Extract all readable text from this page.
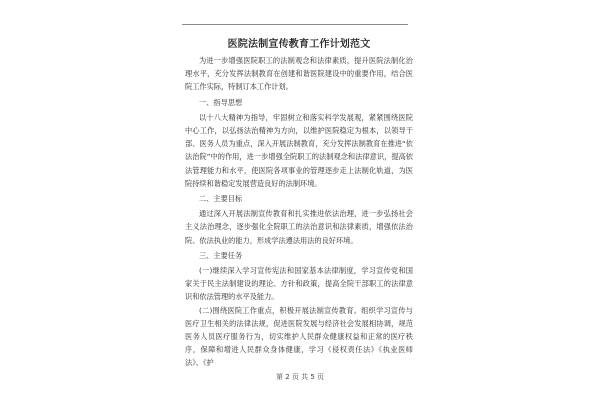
医院法制宣传教育工作计划范文

为进一步增强医院职工的法制观念和法律素质，提升医院法制化治理水平，充分发挥法制教育在创建和谐医院建设中的重要作用，结合医院工作实际，特制订本工作计划。

一、指导思想

以十八大精神为指导，牢固树立和落实科学发展观，紧紧围绕医院中心工作，以弘扬法治精神为方向，以维护医院稳定为根本，以领导干部、医务人员为重点，深入开展法制教育，充分发挥法制教育在推进“依法治院”中的作用，进一步增强全院职工的法制观念和法律意识，提高依法管理能力和水平，使医院各项事业的管理逐步走上法制化轨道，为医院持续和谐稳定发展营造良好的法制环境。

二、主要目标

通过深入开展法制宣传教育和扎实推进依法治理，进一步弘扬社会主义法治理念，逐步强化全院职工的法治意识和法律素质，增强依法治院、依法执业的能力，形成学法遵法用法的良好环境。

三、主要任务

(一)继续深入学习宣传宪法和国家基本法律制度，学习宣传党和国家关于民主法制建设的理论、方针和政策，提高全院干部职工的法律意识和依法管理的水平及能力。

(二)围绕医院工作重点，积极开展法制宣传教育。组织学习宣传与医疗卫生相关的法律法规，促进医院发展与经济社会发展相协调，规范医务人员医疗服务行为，切实维护人民群众健康权益和正常的医疗秩序，保障和增进人民群众身体健康，学习《侵权责任法》《执业医师法》、《护

第 2 页 共 5 页
